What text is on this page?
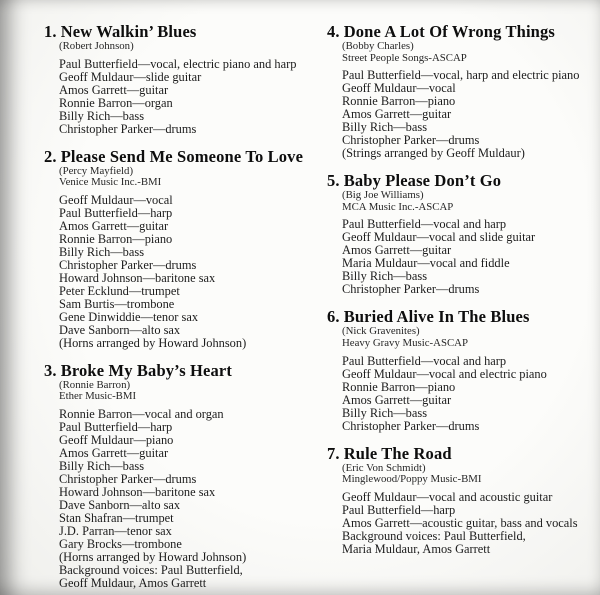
1. New Walkin’ Blues
(Robert Johnson)
Paul Butterfield—vocal, electric piano and harp
Geoff Muldaur—slide guitar
Amos Garrett—guitar
Ronnie Barron—organ
Billy Rich—bass
Christopher Parker—drums
2. Please Send Me Someone To Love
(Percy Mayfield)
Venice Music Inc.-BMI
Geoff Muldaur—vocal
Paul Butterfield—harp
Amos Garrett—guitar
Ronnie Barron—piano
Billy Rich—bass
Christopher Parker—drums
Howard Johnson—baritone sax
Peter Ecklund—trumpet
Sam Burtis—trombone
Gene Dinwiddie—tenor sax
Dave Sanborn—alto sax
(Horns arranged by Howard Johnson)
3. Broke My Baby’s Heart
(Ronnie Barron)
Ether Music-BMI
Ronnie Barron—vocal and organ
Paul Butterfield—harp
Geoff Muldaur—piano
Amos Garrett—guitar
Billy Rich—bass
Christopher Parker—drums
Howard Johnson—baritone sax
Dave Sanborn—alto sax
Stan Shafran—trumpet
J.D. Parran—tenor sax
Gary Brocks—trombone
(Horns arranged by Howard Johnson)
Background voices: Paul Butterfield,
Geoff Muldaur, Amos Garrett
4. Done A Lot Of Wrong Things
(Bobby Charles)
Street People Songs-ASCAP
Paul Butterfield—vocal, harp and electric piano
Geoff Muldaur—vocal
Ronnie Barron—piano
Amos Garrett—guitar
Billy Rich—bass
Christopher Parker—drums
(Strings arranged by Geoff Muldaur)
5. Baby Please Don’t Go
(Big Joe Williams)
MCA Music Inc.-ASCAP
Paul Butterfield—vocal and harp
Geoff Muldaur—vocal and slide guitar
Amos Garrett—guitar
Maria Muldaur—vocal and fiddle
Billy Rich—bass
Christopher Parker—drums
6. Buried Alive In The Blues
(Nick Gravenites)
Heavy Gravy Music-ASCAP
Paul Butterfield—vocal and harp
Geoff Muldaur—vocal and electric piano
Ronnie Barron—piano
Amos Garrett—guitar
Billy Rich—bass
Christopher Parker—drums
7. Rule The Road
(Eric Von Schmidt)
Minglewood/Poppy Music-BMI
Geoff Muldaur—vocal and acoustic guitar
Paul Butterfield—harp
Amos Garrett—acoustic guitar, bass and vocals
Background voices: Paul Butterfield,
Maria Muldaur, Amos Garrett
